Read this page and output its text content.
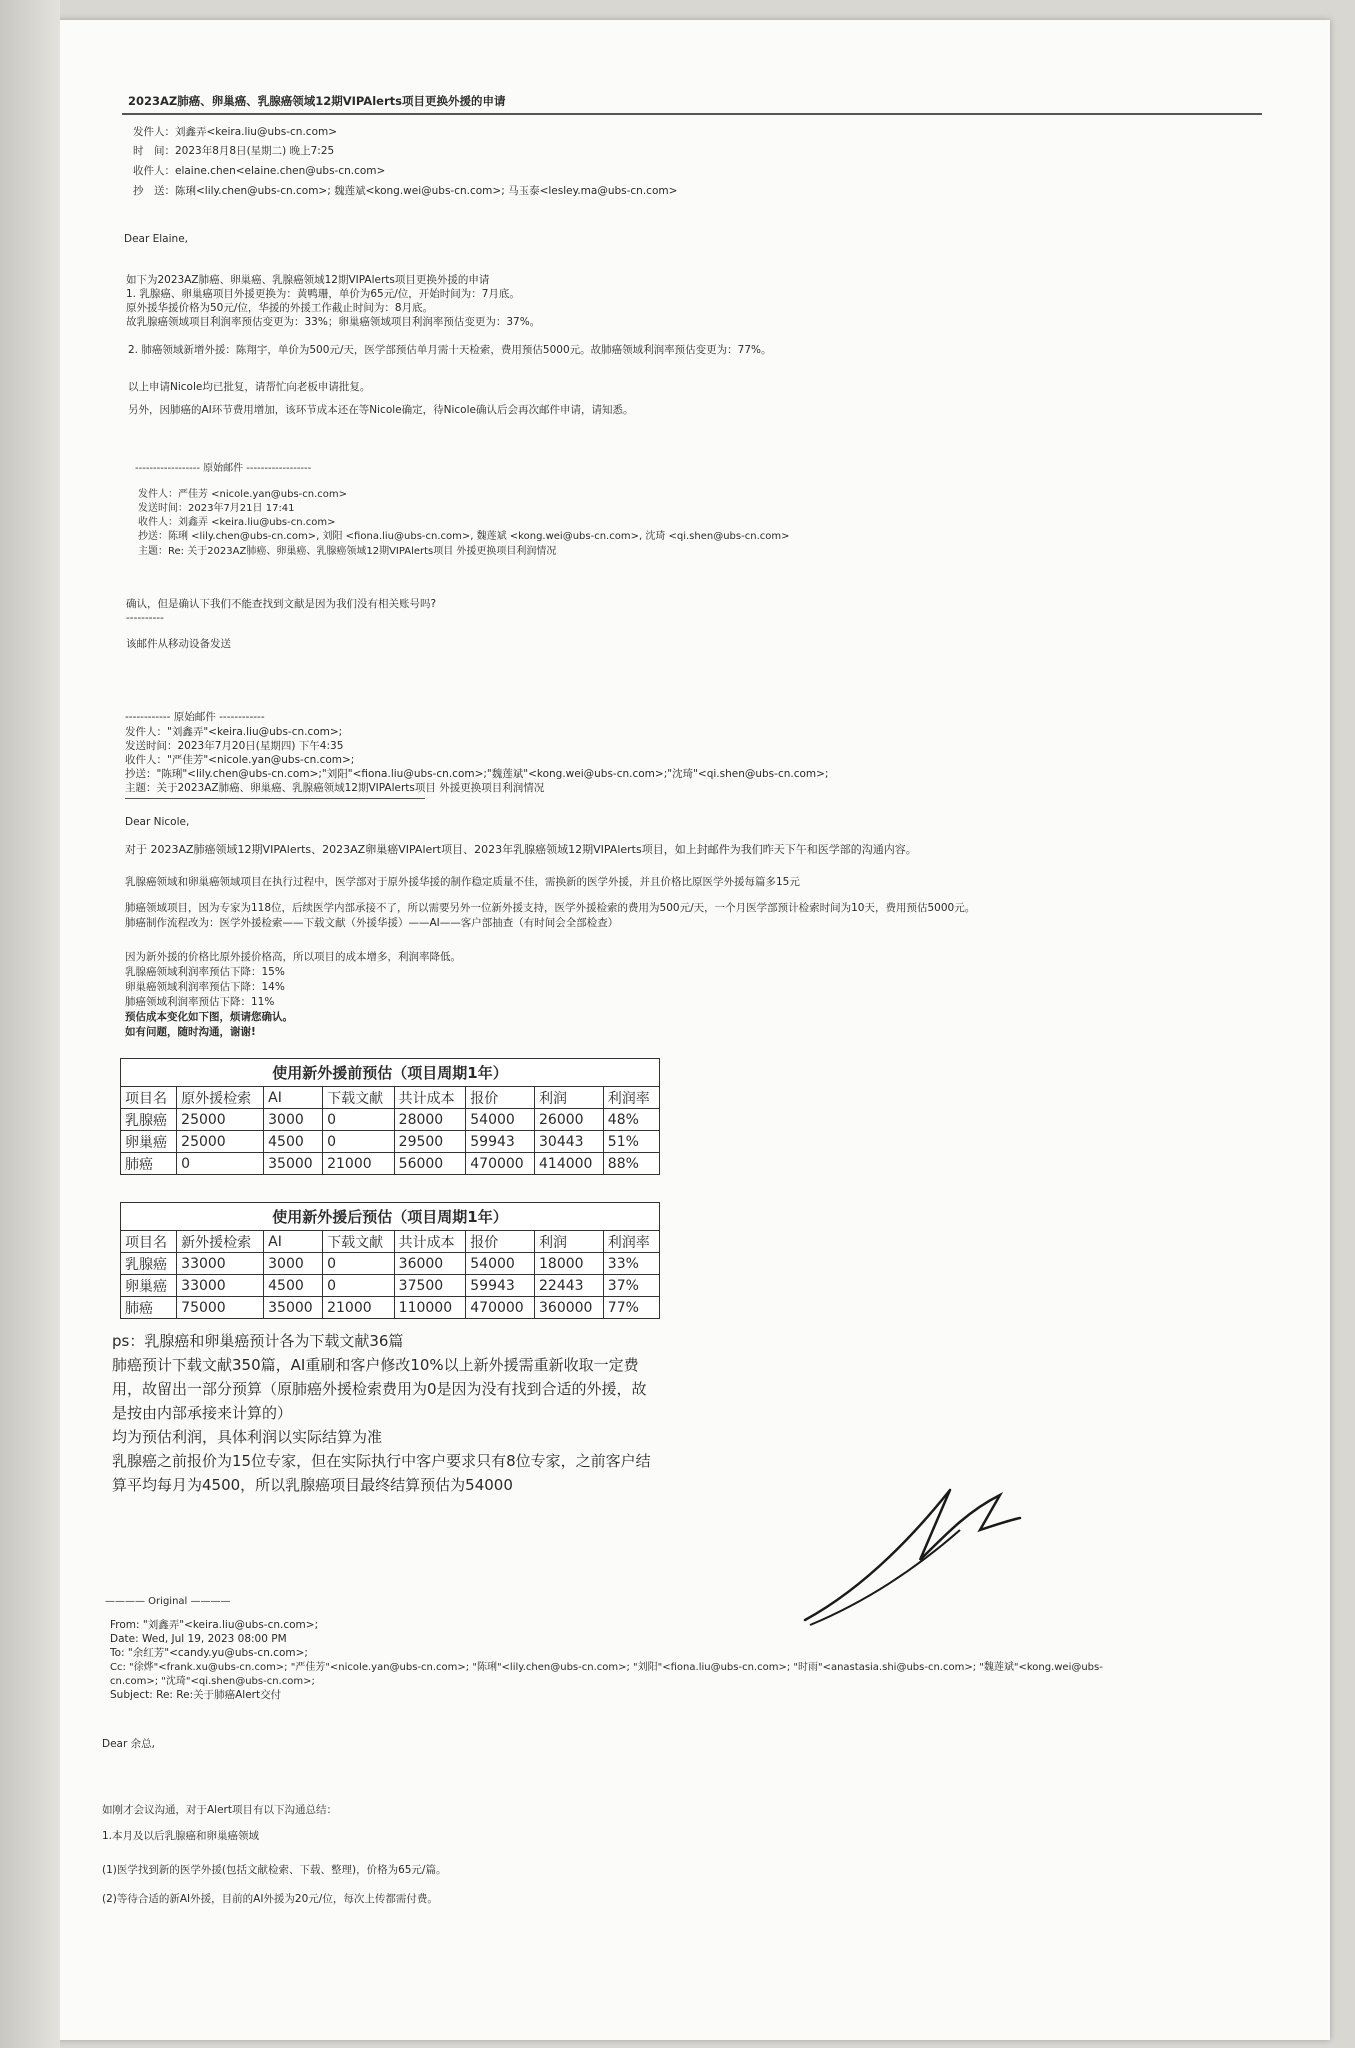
2023AZ肺癌、卵巢癌、乳腺癌领域12期VIPAlerts项目更换外援的申请
发件人：刘鑫弄<keira.liu@ubs-cn.com>
时　间：2023年8月8日(星期二) 晚上7:25
收件人：elaine.chen<elaine.chen@ubs-cn.com>
抄　送：陈琍<lily.chen@ubs-cn.com>; 魏莲斌<kong.wei@ubs-cn.com>; 马玉泰<lesley.ma@ubs-cn.com>
Dear Elaine,
如下为2023AZ肺癌、卵巢癌、乳腺癌领域12期VIPAlerts项目更换外援的申请
1. 乳腺癌、卵巢癌项目外援更换为：黄鸭珊，单价为65元/位，开始时间为：7月底。
原外援华援价格为50元/位，华援的外援工作截止时间为：8月底。
故乳腺癌领域项目利润率预估变更为：33%；卵巢癌领域项目利润率预估变更为：37%。
2. 肺癌领域新增外援：陈翔宇，单价为500元/天，医学部预估单月需十天检索，费用预估5000元。故肺癌领域利润率预估变更为：77%。
以上申请Nicole均已批复，请帮忙向老板申请批复。
另外，因肺癌的AI环节费用增加，该环节成本还在等Nicole确定，待Nicole确认后会再次邮件申请，请知悉。
------------------ 原始邮件 ------------------
发件人：严佳芳 <nicole.yan@ubs-cn.com>
发送时间：2023年7月21日 17:41
收件人：刘鑫弄 <keira.liu@ubs-cn.com>
抄送：陈琍 <lily.chen@ubs-cn.com>, 刘阳 <fiona.liu@ubs-cn.com>, 魏莲斌 <kong.wei@ubs-cn.com>, 沈琦 <qi.shen@ubs-cn.com>
主题：Re: 关于2023AZ肺癌、卵巢癌、乳腺癌领域12期VIPAlerts项目 外援更换项目利润情况
确认，但是确认下我们不能查找到文献是因为我们没有相关账号吗?
----------
该邮件从移动设备发送
------------ 原始邮件 ------------
发件人："刘鑫弄"<keira.liu@ubs-cn.com>;
发送时间：2023年7月20日(星期四) 下午4:35
收件人："严佳芳"<nicole.yan@ubs-cn.com>;
抄送："陈琍"<lily.chen@ubs-cn.com>;"刘阳"<fiona.liu@ubs-cn.com>;"魏莲斌"<kong.wei@ubs-cn.com>;"沈琦"<qi.shen@ubs-cn.com>;
主题：关于2023AZ肺癌、卵巢癌、乳腺癌领域12期VIPAlerts项目 外援更换项目利润情况
Dear Nicole,
对于 2023AZ肺癌领域12期VIPAlerts、2023AZ卵巢癌VIPAlert项目、2023年乳腺癌领域12期VIPAlerts项目，如上封邮件为我们昨天下午和医学部的沟通内容。
乳腺癌领域和卵巢癌领域项目在执行过程中，医学部对于原外援华援的制作稳定质量不佳，需换新的医学外援，并且价格比原医学外援每篇多15元
肺癌领域项目，因为专家为118位，后续医学内部承接不了，所以需要另外一位新外援支持，医学外援检索的费用为500元/天，一个月医学部预计检索时间为10天，费用预估5000元。
肺癌制作流程改为：医学外援检索——下载文献（外援华援）——AI——客户部抽查（有时间会全部检查）
因为新外援的价格比原外援价格高，所以项目的成本增多，利润率降低。
乳腺癌领域利润率预估下降：15%
卵巢癌领域利润率预估下降：14%
肺癌领域利润率预估下降：11%
预估成本变化如下图，烦请您确认。
如有问题，随时沟通，谢谢!
使用新外援前预估（项目周期1年）
项目名	原外援检索	AI	下载文献	共计成本	报价	利润	利润率
乳腺癌	25000	3000	0	28000	54000	26000	48%
卵巢癌	25000	4500	0	29500	59943	30443	51%
肺癌	0	35000	21000	56000	470000	414000	88%
使用新外援后预估（项目周期1年）
项目名	新外援检索	AI	下载文献	共计成本	报价	利润	利润率
乳腺癌	33000	3000	0	36000	54000	18000	33%
卵巢癌	33000	4500	0	37500	59943	22443	37%
肺癌	75000	35000	21000	110000	470000	360000	77%
ps：乳腺癌和卵巢癌预计各为下载文献36篇
肺癌预计下载文献350篇，AI重刷和客户修改10%以上新外援需重新收取一定费
用，故留出一部分预算（原肺癌外援检索费用为0是因为没有找到合适的外援，故
是按由内部承接来计算的）
均为预估利润，具体利润以实际结算为准
乳腺癌之前报价为15位专家，但在实际执行中客户要求只有8位专家，之前客户结
算平均每月为4500，所以乳腺癌项目最终结算预估为54000
———— Original ————
From: "刘鑫弄"<keira.liu@ubs-cn.com>;
Date: Wed, Jul 19, 2023 08:00 PM
To: "余红芳"<candy.yu@ubs-cn.com>;
Cc: "徐烨"<frank.xu@ubs-cn.com>; "严佳芳"<nicole.yan@ubs-cn.com>; "陈琍"<lily.chen@ubs-cn.com>; "刘阳"<fiona.liu@ubs-cn.com>; "时雨"<anastasia.shi@ubs-cn.com>; "魏莲斌"<kong.wei@ubs-
cn.com>; "沈琦"<qi.shen@ubs-cn.com>;
Subject: Re: Re:关于肺癌Alert交付
Dear 余总,
如刚才会议沟通，对于Alert项目有以下沟通总结：
1.本月及以后乳腺癌和卵巢癌领域
(1)医学找到新的医学外援(包括文献检索、下载、整理)，价格为65元/篇。
(2)等待合适的新AI外援，目前的AI外援为20元/位，每次上传都需付费。
